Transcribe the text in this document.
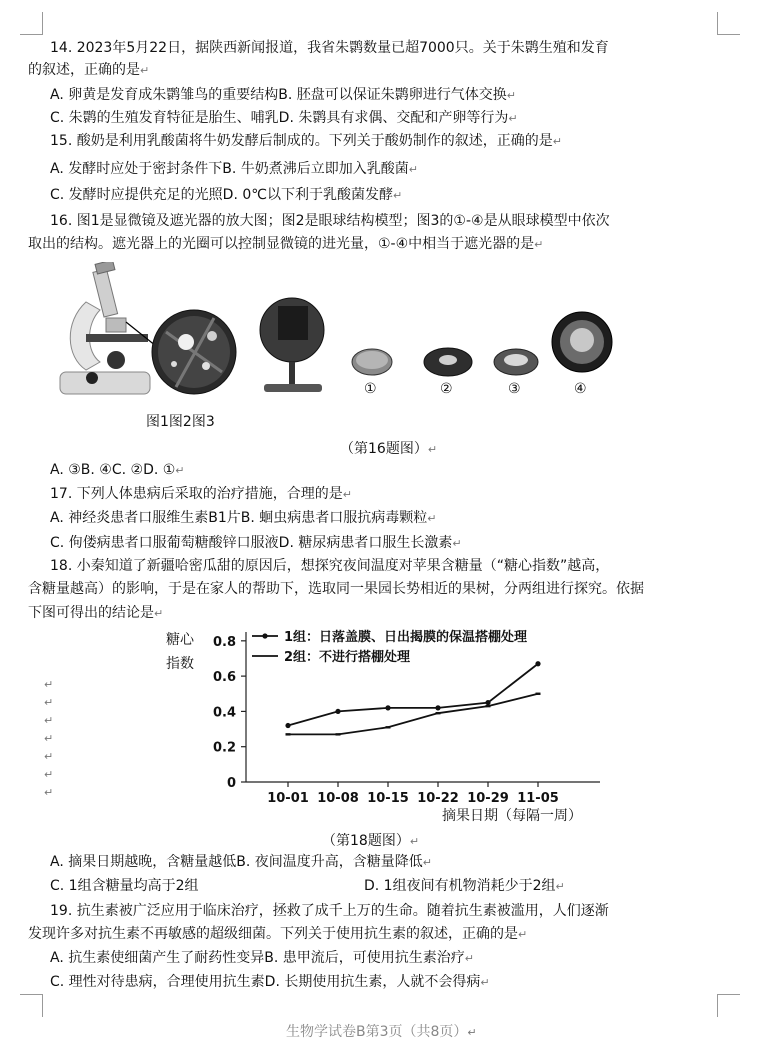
14. 2023年5月22日，据陕西新闻报道，我省朱鹮数量已超7000只。关于朱鹮生殖和发育
的叙述，正确的是↵
A. 卵黄是发育成朱鹮雏鸟的重要结构B. 胚盘可以保证朱鹮卵进行气体交换↵
C. 朱鹮的生殖发育特征是胎生、哺乳D. 朱鹮具有求偶、交配和产卵等行为↵
15. 酸奶是利用乳酸菌将牛奶发酵后制成的。下列关于酸奶制作的叙述，正确的是↵
A. 发酵时应处于密封条件下B. 牛奶煮沸后立即加入乳酸菌↵
C. 发酵时应提供充足的光照D. 0℃以下利于乳酸菌发酵↵
16. 图1是显微镜及遮光器的放大图；图2是眼球结构模型；图3的①-④是从眼球模型中依次
取出的结构。遮光器上的光圈可以控制显微镜的进光量，①-④中相当于遮光器的是↵
①	②	③	④
图1图2图3
（第16题图）↵
A. ③B. ④C. ②D. ①↵
17. 下列人体患病后采取的治疗措施，合理的是↵
A. 神经炎患者口服维生素B1片B. 蛔虫病患者口服抗病毒颗粒↵
C. 佝偻病患者口服葡萄糖酸锌口服液D. 糖尿病患者口服生长激素↵
18. 小秦知道了新疆哈密瓜甜的原因后，想探究夜间温度对苹果含糖量（“糖心指数”越高，
含糖量越高）的影响，于是在家人的帮助下，选取同一果园长势相近的果树，分两组进行探究。依据
下图可得出的结论是↵
↵
↵
↵
↵
↵
↵
↵
糖心
指数
1组：日落盖膜、日出揭膜的保温搭棚处理
2组：不进行搭棚处理
0
0.2
0.4
0.6
0.8
10-01 10-08 10-15 10-22 10-29 11-05
摘果日期（每隔一周）
（第18题图）↵
A. 摘果日期越晚，含糖量越低B. 夜间温度升高，含糖量降低↵
C. 1组含糖量均高于2组	D. 1组夜间有机物消耗少于2组↵
19. 抗生素被广泛应用于临床治疗，拯救了成千上万的生命。随着抗生素被滥用，人们逐渐
发现许多对抗生素不再敏感的超级细菌。下列关于使用抗生素的叙述，正确的是↵
A. 抗生素使细菌产生了耐药性变异B. 患甲流后，可使用抗生素治疗↵
C. 理性对待患病，合理使用抗生素D. 长期使用抗生素，人就不会得病↵
生物学试卷B第3页（共8页）↵
